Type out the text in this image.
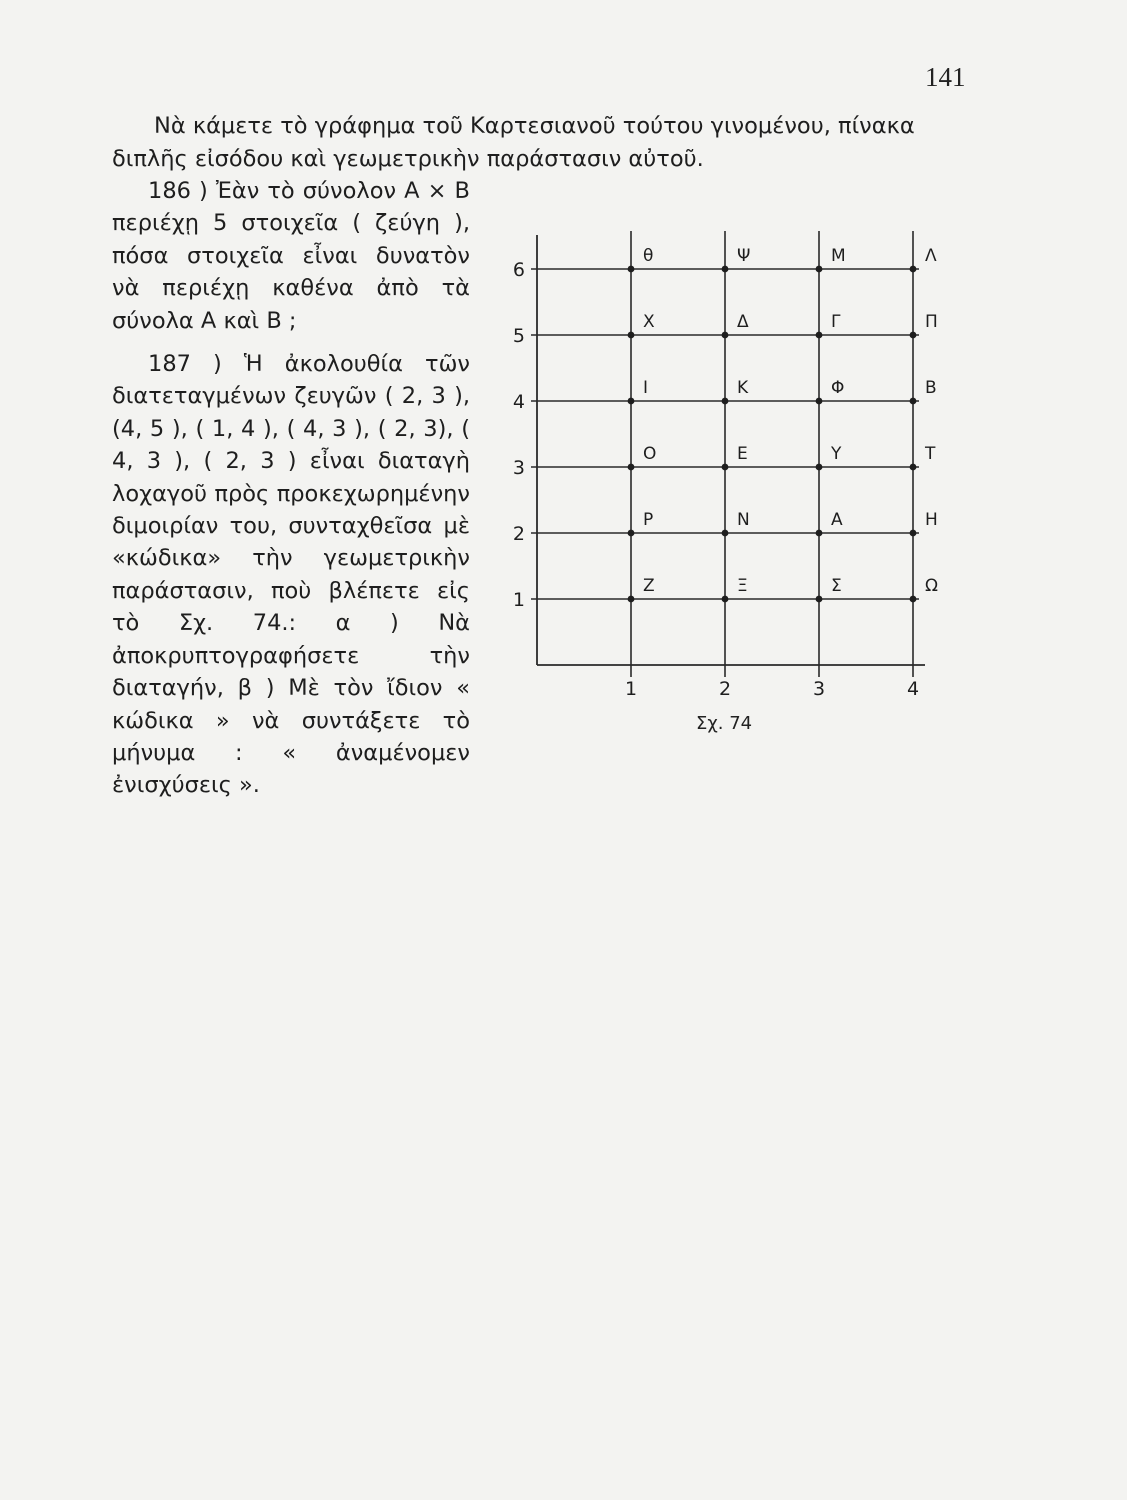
141

Νὰ κάμετε τὸ γράφημα τοῦ Καρτεσιανοῦ τούτου γινομένου, πίνακα διπλῆς εἰσόδου καὶ γεωμετρικὴν παράστασιν αὐτοῦ.

186 ) Ἐὰν τὸ σύνολον Α × Β περιέχῃ 5 στοιχεῖα ( ζεύγη ), πόσα στοιχεῖα εἶναι δυνατὸν νὰ περιέχῃ καθένα ἀπὸ τὰ σύνολα Α καὶ Β ;

187 ) Ἡ ἀκολουθία τῶν διατεταγμένων ζευγῶν ( 2, 3 ), (4, 5 ), ( 1, 4 ), ( 4, 3 ), ( 2, 3), ( 4, 3 ), ( 2, 3 ) εἶναι διαταγὴ λοχαγοῦ πρὸς προκεχωρημένην διμοιρίαν του, συνταχθεῖσα μὲ «κώδικα» τὴν γεωμετρικὴν παράστασιν, ποὺ βλέπετε εἰς τὸ Σχ. 74.: α ) Νὰ ἀποκρυπτογραφήσετε τὴν διαταγήν, β ) Μὲ τὸν ἴδιον « κώδικα » νὰ συντάξετε τὸ μήνυμα : « ἀναμένομεν ἐνισχύσεις ».

1	2	3	4
1
2
3
4
5
6
θ	Ψ	Μ	Λ
Χ	Δ	Γ	Π
Ι	Κ	Φ	Β
Ο	Ε	Υ	Τ
Ρ	Ν	Α	Η
Ζ	Ξ	Σ	Ω
Σχ. 74
